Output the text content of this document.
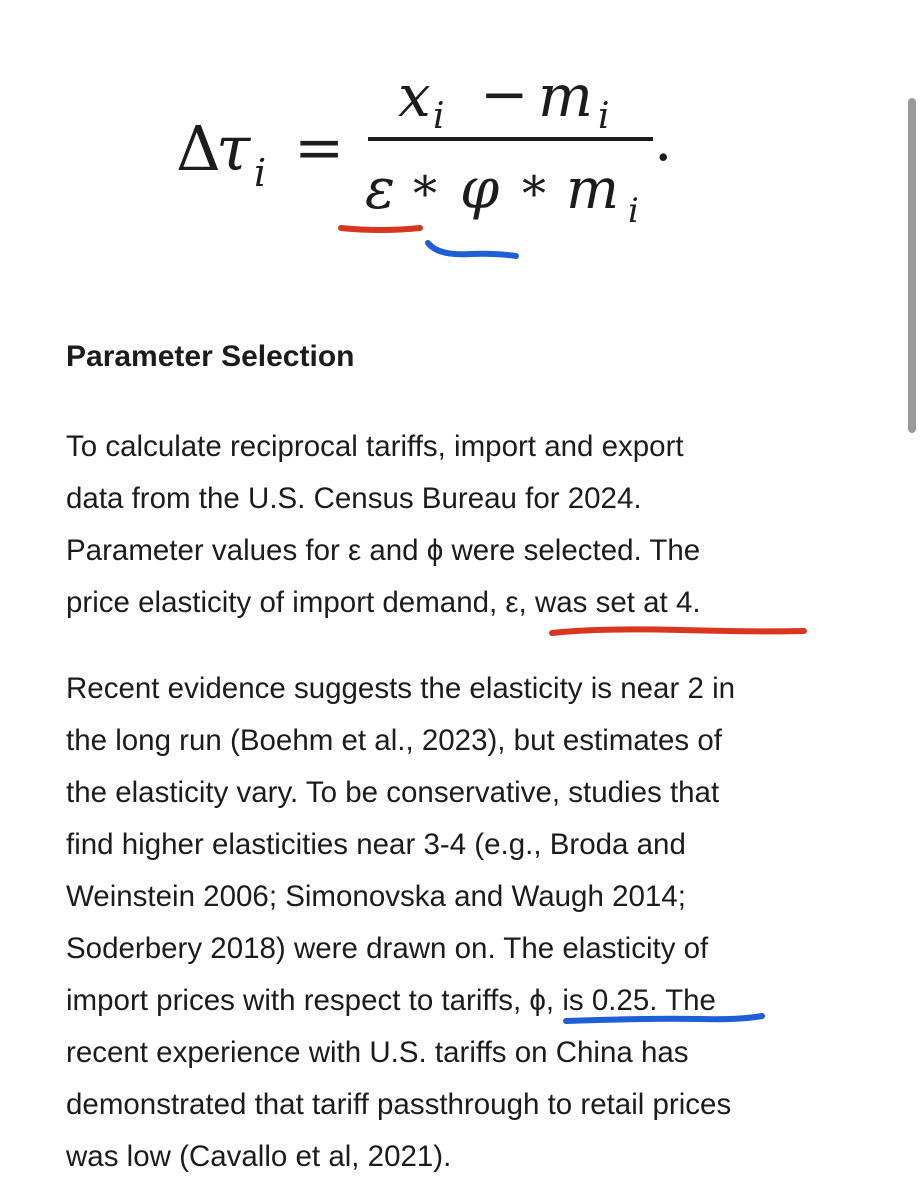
Δ
τ i =
x i − m i
ε * φ * m i
.
Parameter Selection
To calculate reciprocal tariffs, import and export
data from the U.S. Census Bureau for 2024.
Parameter values for ε and ϕ were selected. The
price elasticity of import demand, ε, was set at 4.
Recent evidence suggests the elasticity is near 2 in
the long run (Boehm et al., 2023), but estimates of
the elasticity vary. To be conservative, studies that
find higher elasticities near 3-4 (e.g., Broda and
Weinstein 2006; Simonovska and Waugh 2014;
Soderbery 2018) were drawn on. The elasticity of
import prices with respect to tariffs, ϕ, is 0.25. The
recent experience with U.S. tariffs on China has
demonstrated that tariff passthrough to retail prices
was low (Cavallo et al, 2021).
